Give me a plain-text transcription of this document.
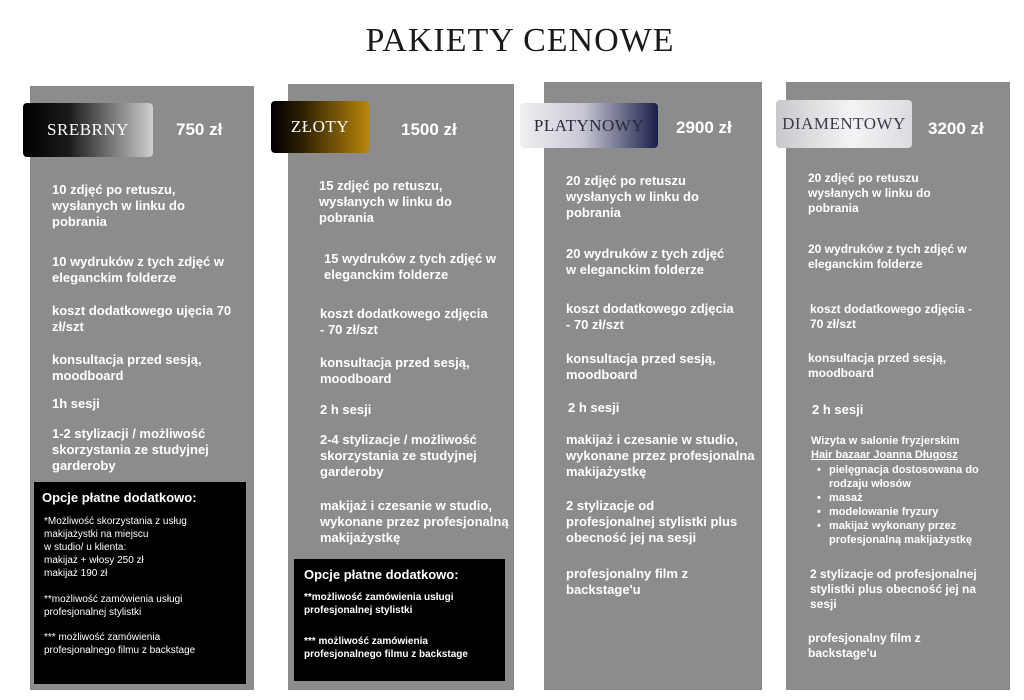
PAKIETY CENOWE
SREBRNY	ZŁOTY	PLATYNOWY	DIAMENTOWY
750 zł	1500 zł	2900 zł	3200 zł
10 zdjęć po retuszu,
wysłanych w linku do
pobrania
10 wydruków z tych zdjęć w
eleganckim folderze
koszt dodatkowego ujęcia 70
zł/szt
konsultacja przed sesją,
moodboard
1h sesji
1-2 stylizacji / możliwość
skorzystania ze studyjnej
garderoby
Opcje płatne dodatkowo:
*Możliwość skorzystania z usług
makijażystki na miejscu
w studio/ u klienta:
makijaż + włosy 250 zł
makijaż 190 zł
**możliwość zamówienia usługi
profesjonalnej stylistki
*** możliwość zamówienia
profesjonalnego filmu z backstage
15 zdjęć po retuszu,
wysłanych w linku do
pobrania
15 wydruków z tych zdjęć w
eleganckim folderze
koszt dodatkowego zdjęcia
- 70 zł/szt
konsultacja przed sesją,
moodboard
2 h sesji
2-4 stylizacje / możliwość
skorzystania ze studyjnej
garderoby
makijaż i czesanie w studio,
wykonane przez profesjonalną
makijażystkę
Opcje płatne dodatkowo:
**możliwość zamówienia usługi
profesjonalnej stylistki
*** możliwość zamówienia
profesjonalnego filmu z backstage
20 zdjęć po retuszu
wysłanych w linku do
pobrania
20 wydruków z tych zdjęć
w eleganckim folderze
koszt dodatkowego zdjęcia
- 70 zł/szt
konsultacja przed sesją,
moodboard
2 h sesji
makijaż i czesanie w studio,
wykonane przez profesjonalna
makijażystkę
2 stylizacje od
profesjonalnej stylistki plus
obecność jej na sesji
profesjonalny film z
backstage'u
20 zdjęć po retuszu
wysłanych w linku do
pobrania
20 wydruków z tych zdjęć w
eleganckim folderze
koszt dodatkowego zdjęcia -
70 zł/szt
konsultacja przed sesją,
moodboard
2 h sesji
Wizyta w salonie fryzjerskim
Hair bazaar Joanna Długosz
• pielęgnacja dostosowana do
rodzaju włosów
• masaż
• modelowanie fryzury
• makijaż wykonany przez
profesjonalną makijażystkę
2 stylizacje od profesjonalnej
stylistki plus obecność jej na
sesji
profesjonalny film z
backstage'u
